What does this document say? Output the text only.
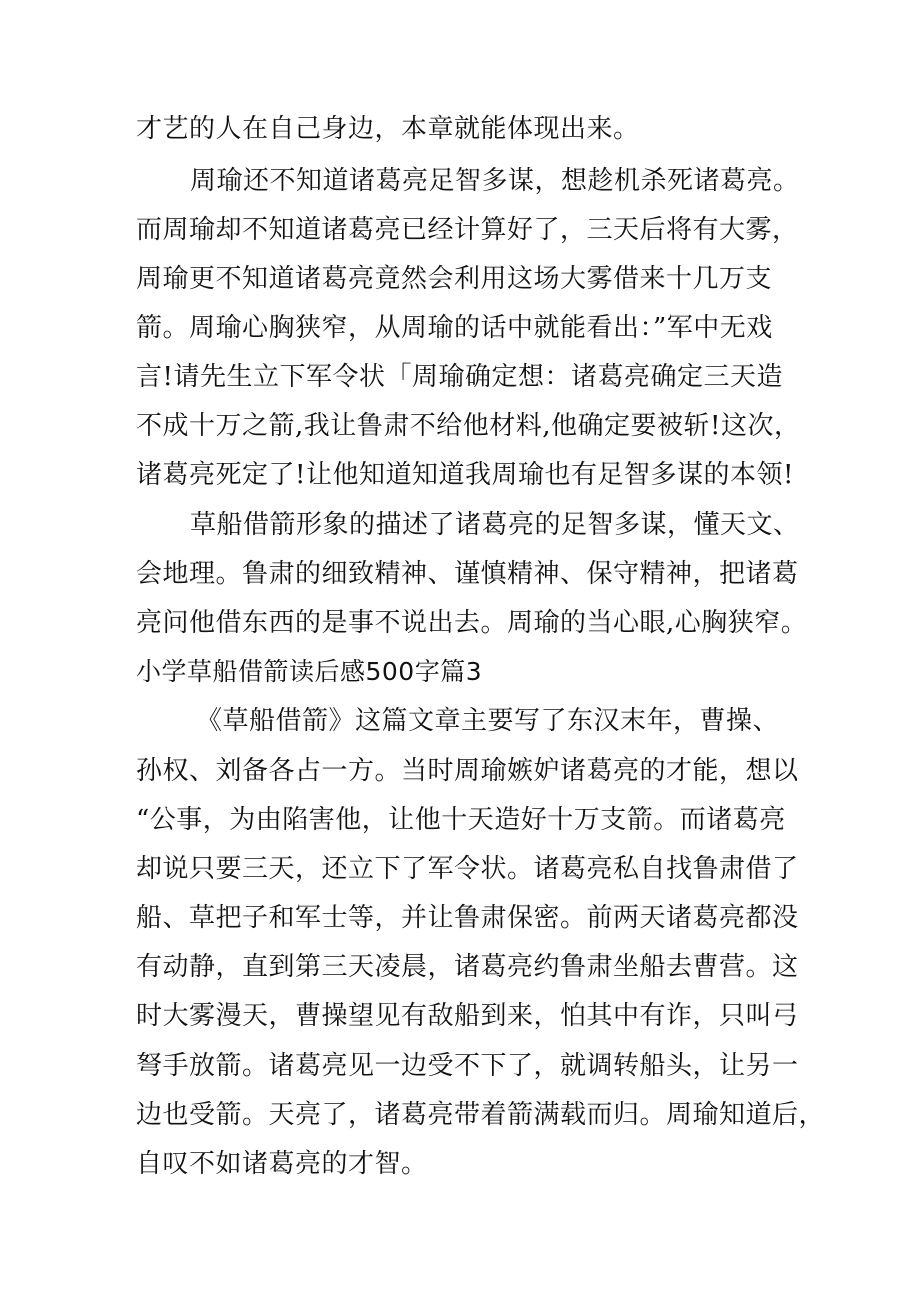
才艺的人在自己身边，本章就能体现出来。

周瑜还不知道诸葛亮足智多谋，想趁机杀死诸葛亮。

而周瑜却不知道诸葛亮已经计算好了，三天后将有大雾，

周瑜更不知道诸葛亮竟然会利用这场大雾借来十几万支

箭。周瑜心胸狭窄，从周瑜的话中就能看出：”军中无戏

言!请先生立下军令状「周瑜确定想：诸葛亮确定三天造

不成十万之箭,我让鲁肃不给他材料,他确定要被斩!这次，

诸葛亮死定了!让他知道知道我周瑜也有足智多谋的本领!

草船借箭形象的描述了诸葛亮的足智多谋，懂天文、

会地理。鲁肃的细致精神、谨慎精神、保守精神，把诸葛

亮问他借东西的是事不说出去。周瑜的当心眼,心胸狭窄。

小学草船借箭读后感500字篇3

《草船借箭》这篇文章主要写了东汉末年，曹操、

孙权、刘备各占一方。当时周瑜嫉妒诸葛亮的才能，想以

“公事，为由陷害他，让他十天造好十万支箭。而诸葛亮

却说只要三天，还立下了军令状。诸葛亮私自找鲁肃借了

船、草把子和军士等，并让鲁肃保密。前两天诸葛亮都没

有动静，直到第三天凌晨，诸葛亮约鲁肃坐船去曹营。这

时大雾漫天，曹操望见有敌船到来，怕其中有诈，只叫弓

弩手放箭。诸葛亮见一边受不下了，就调转船头，让另一

边也受箭。天亮了，诸葛亮带着箭满载而归。周瑜知道后，

自叹不如诸葛亮的才智。
